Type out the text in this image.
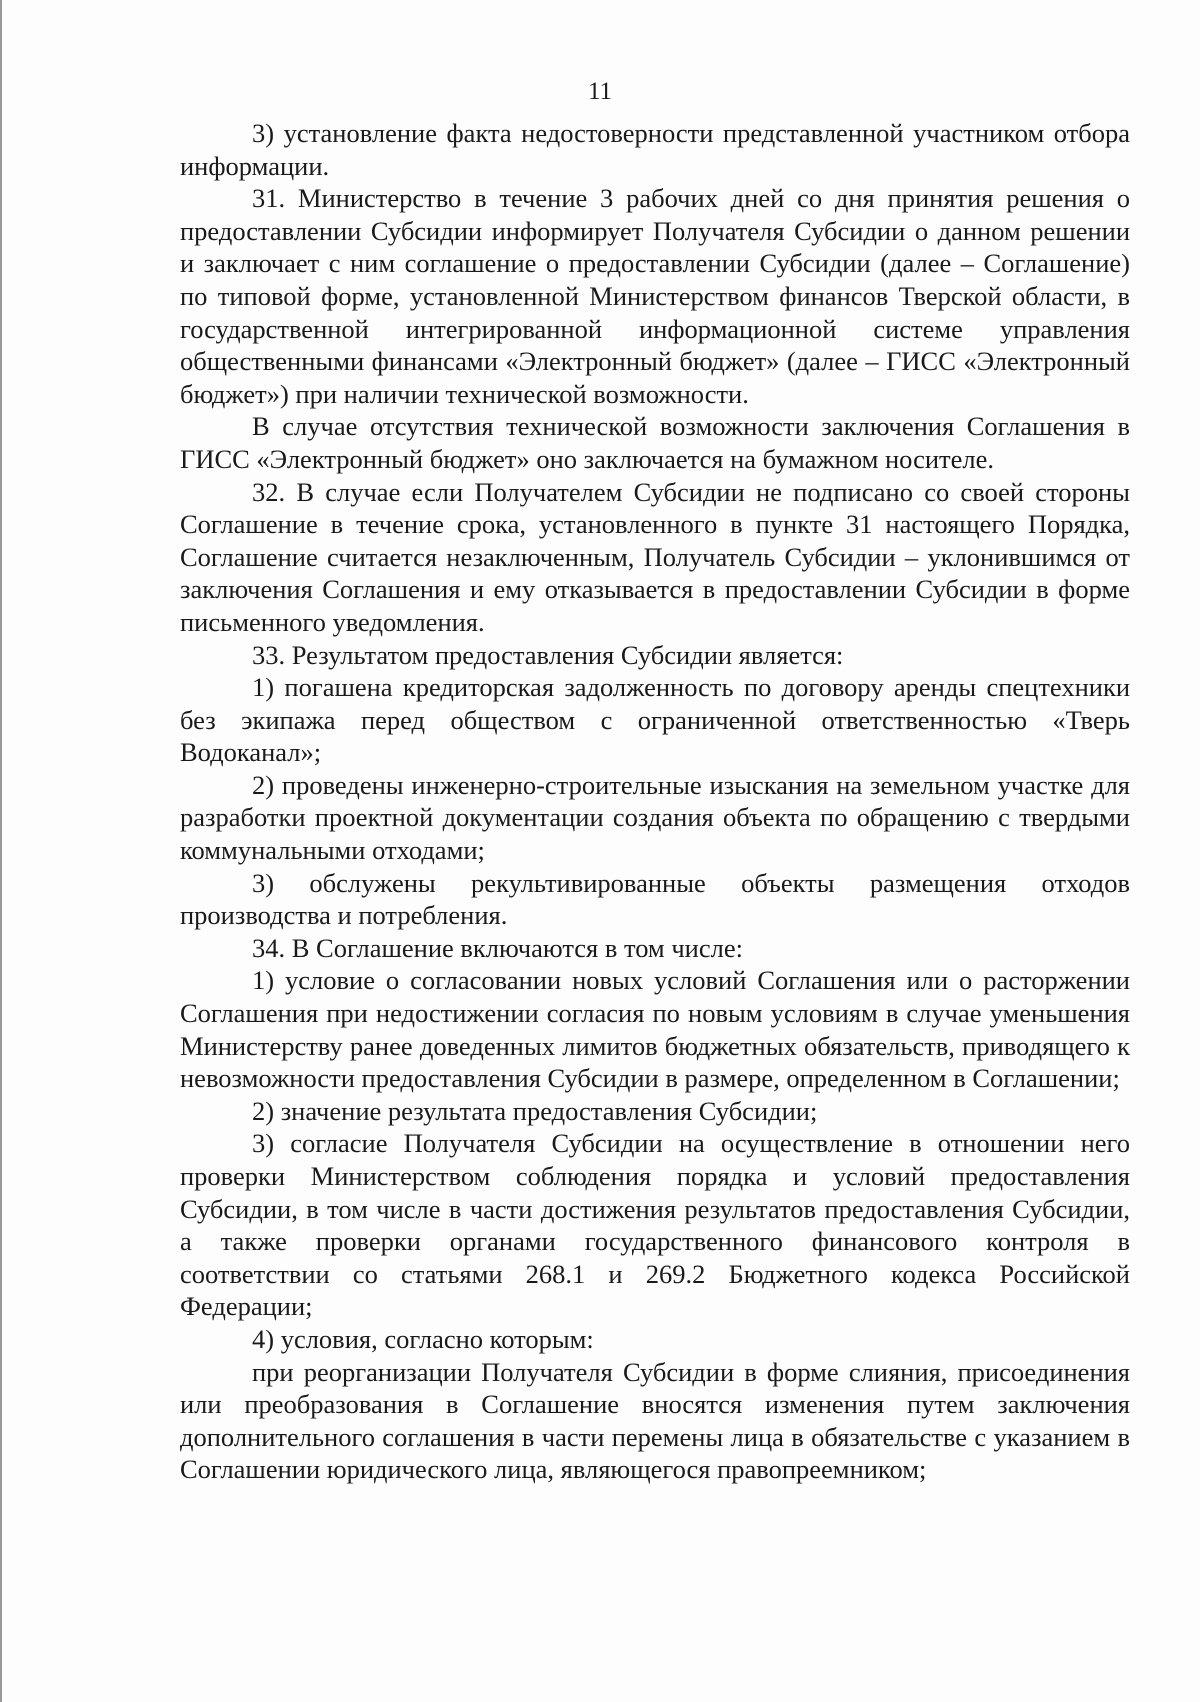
11

3) установление факта недостоверности представленной участником отбора информации.

31. Министерство в течение 3 рабочих дней со дня принятия решения о предоставлении Субсидии информирует Получателя Субсидии о данном решении и заключает с ним соглашение о предоставлении Субсидии (далее – Соглашение) по типовой форме, установленной Министерством финансов Тверской области, в государственной интегрированной информационной системе управления общественными финансами «Электронный бюджет» (далее – ГИСС «Электронный бюджет») при наличии технической возможности.

В случае отсутствия технической возможности заключения Соглашения в ГИСС «Электронный бюджет» оно заключается на бумажном носителе.

32. В случае если Получателем Субсидии не подписано со своей стороны Соглашение в течение срока, установленного в пункте 31 настоящего Порядка, Соглашение считается незаключенным, Получатель Субсидии – уклонившимся от заключения Соглашения и ему отказывается в предоставлении Субсидии в форме письменного уведомления.

33. Результатом предоставления Субсидии является:

1) погашена кредиторская задолженность по договору аренды спецтехники без экипажа перед обществом с ограниченной ответственностью «Тверь Водоканал»;

2) проведены инженерно-строительные изыскания на земельном участке для разработки проектной документации создания объекта по обращению с твердыми коммунальными отходами;

3) обслужены рекультивированные объекты размещения отходов производства и потребления.

34. В Соглашение включаются в том числе:

1) условие о согласовании новых условий Соглашения или о расторжении Соглашения при недостижении согласия по новым условиям в случае уменьшения Министерству ранее доведенных лимитов бюджетных обязательств, приводящего к невозможности предоставления Субсидии в размере, определенном в Соглашении;

2) значение результата предоставления Субсидии;

3) согласие Получателя Субсидии на осуществление в отношении него проверки Министерством соблюдения порядка и условий предоставления Субсидии, в том числе в части достижения результатов предоставления Субсидии, а также проверки органами государственного финансового контроля в соответствии со статьями 268.1 и 269.2 Бюджетного кодекса Российской Федерации;

4) условия, согласно которым:

при реорганизации Получателя Субсидии в форме слияния, присоединения или преобразования в Соглашение вносятся изменения путем заключения дополнительного соглашения в части перемены лица в обязательстве с указанием в Соглашении юридического лица, являющегося правопреемником;
